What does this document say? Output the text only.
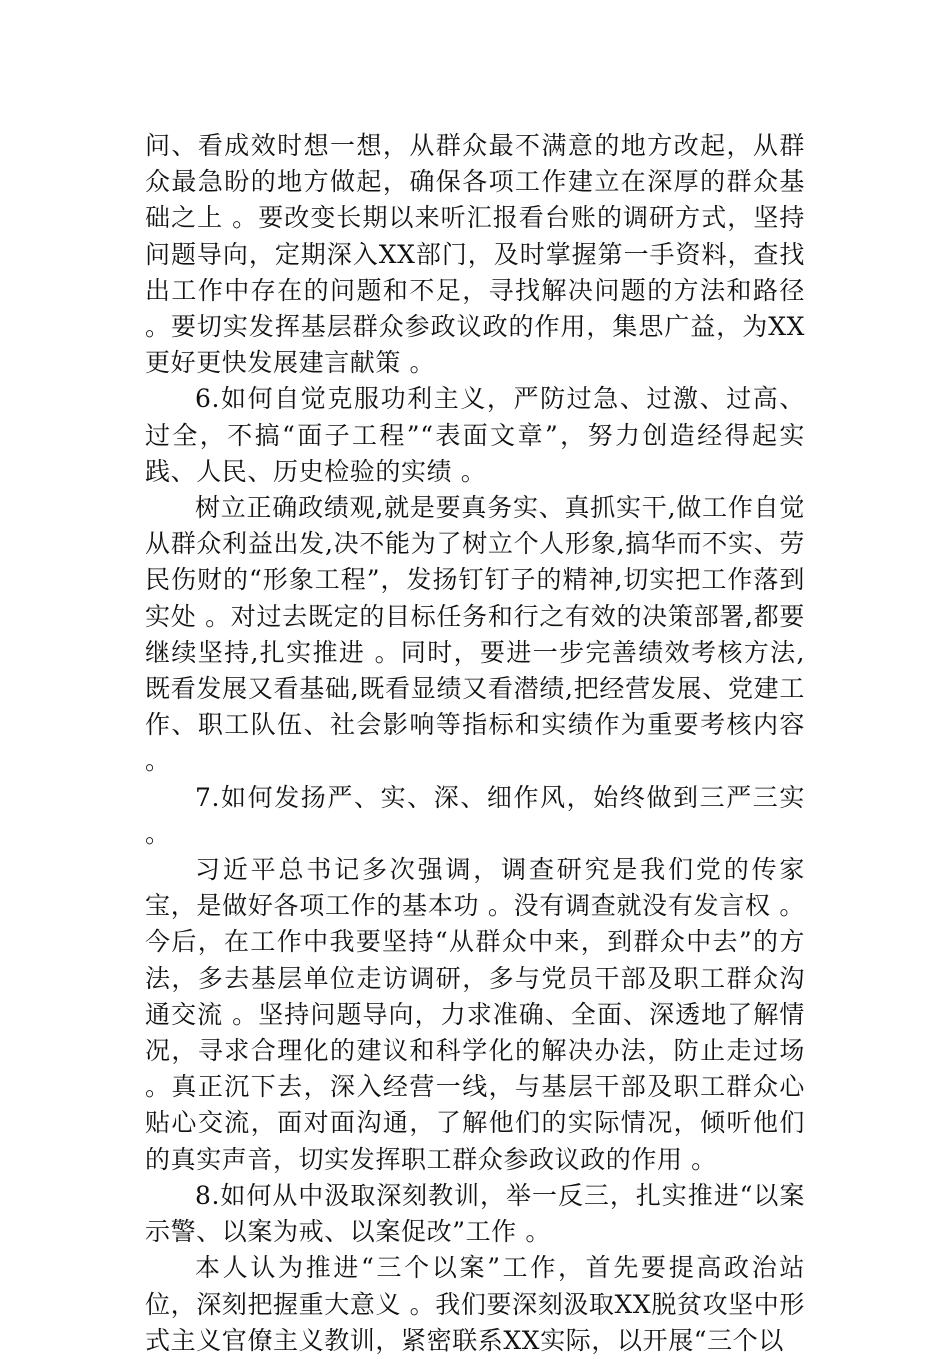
问、看成效时想一想，从群众最不满意的地方改起，从群众最急盼的地方做起，确保各项工作建立在深厚的群众基础之上 。要改变长期以来听汇报看台账的调研方式，坚持问题导向，定期深入XX部门，及时掌握第一手资料，查找出工作中存在的问题和不足，寻找解决问题的方法和路径 。要切实发挥基层群众参政议政的作用，集思广益，为XX更好更快发展建言献策 。

6.如何自觉克服功利主义，严防过急、过激、过高、过全，不搞“面子工程”“表面文章”，努力创造经得起实践、人民、历史检验的实绩 。

树立正确政绩观,就是要真务实、真抓实干,做工作自觉从群众利益出发,决不能为了树立个人形象,搞华而不实、劳民伤财的“形象工程”，发扬钉钉子的精神,切实把工作落到实处 。对过去既定的目标任务和行之有效的决策部署,都要继续坚持,扎实推进 。同时，要进一步完善绩效考核方法,既看发展又看基础,既看显绩又看潜绩,把经营发展、党建工作、职工队伍、社会影响等指标和实绩作为重要考核内容 。

7.如何发扬严、实、深、细作风，始终做到三严三实 。

习近平总书记多次强调，调查研究是我们党的传家宝，是做好各项工作的基本功 。没有调查就没有发言权 。今后，在工作中我要坚持“从群众中来，到群众中去”的方法，多去基层单位走访调研，多与党员干部及职工群众沟通交流 。坚持问题导向，力求准确、全面、深透地了解情况，寻求合理化的建议和科学化的解决办法，防止走过场 。真正沉下去，深入经营一线，与基层干部及职工群众心贴心交流，面对面沟通，了解他们的实际情况，倾听他们的真实声音，切实发挥职工群众参政议政的作用 。

8.如何从中汲取深刻教训，举一反三，扎实推进“以案示警、以案为戒、以案促改”工作 。

本人认为推进“三个以案”工作，首先要提高政治站位，深刻把握重大意义 。我们要深刻汲取XX脱贫攻坚中形式主义官僚主义教训，紧密联系XX实际，以开展“三个以
